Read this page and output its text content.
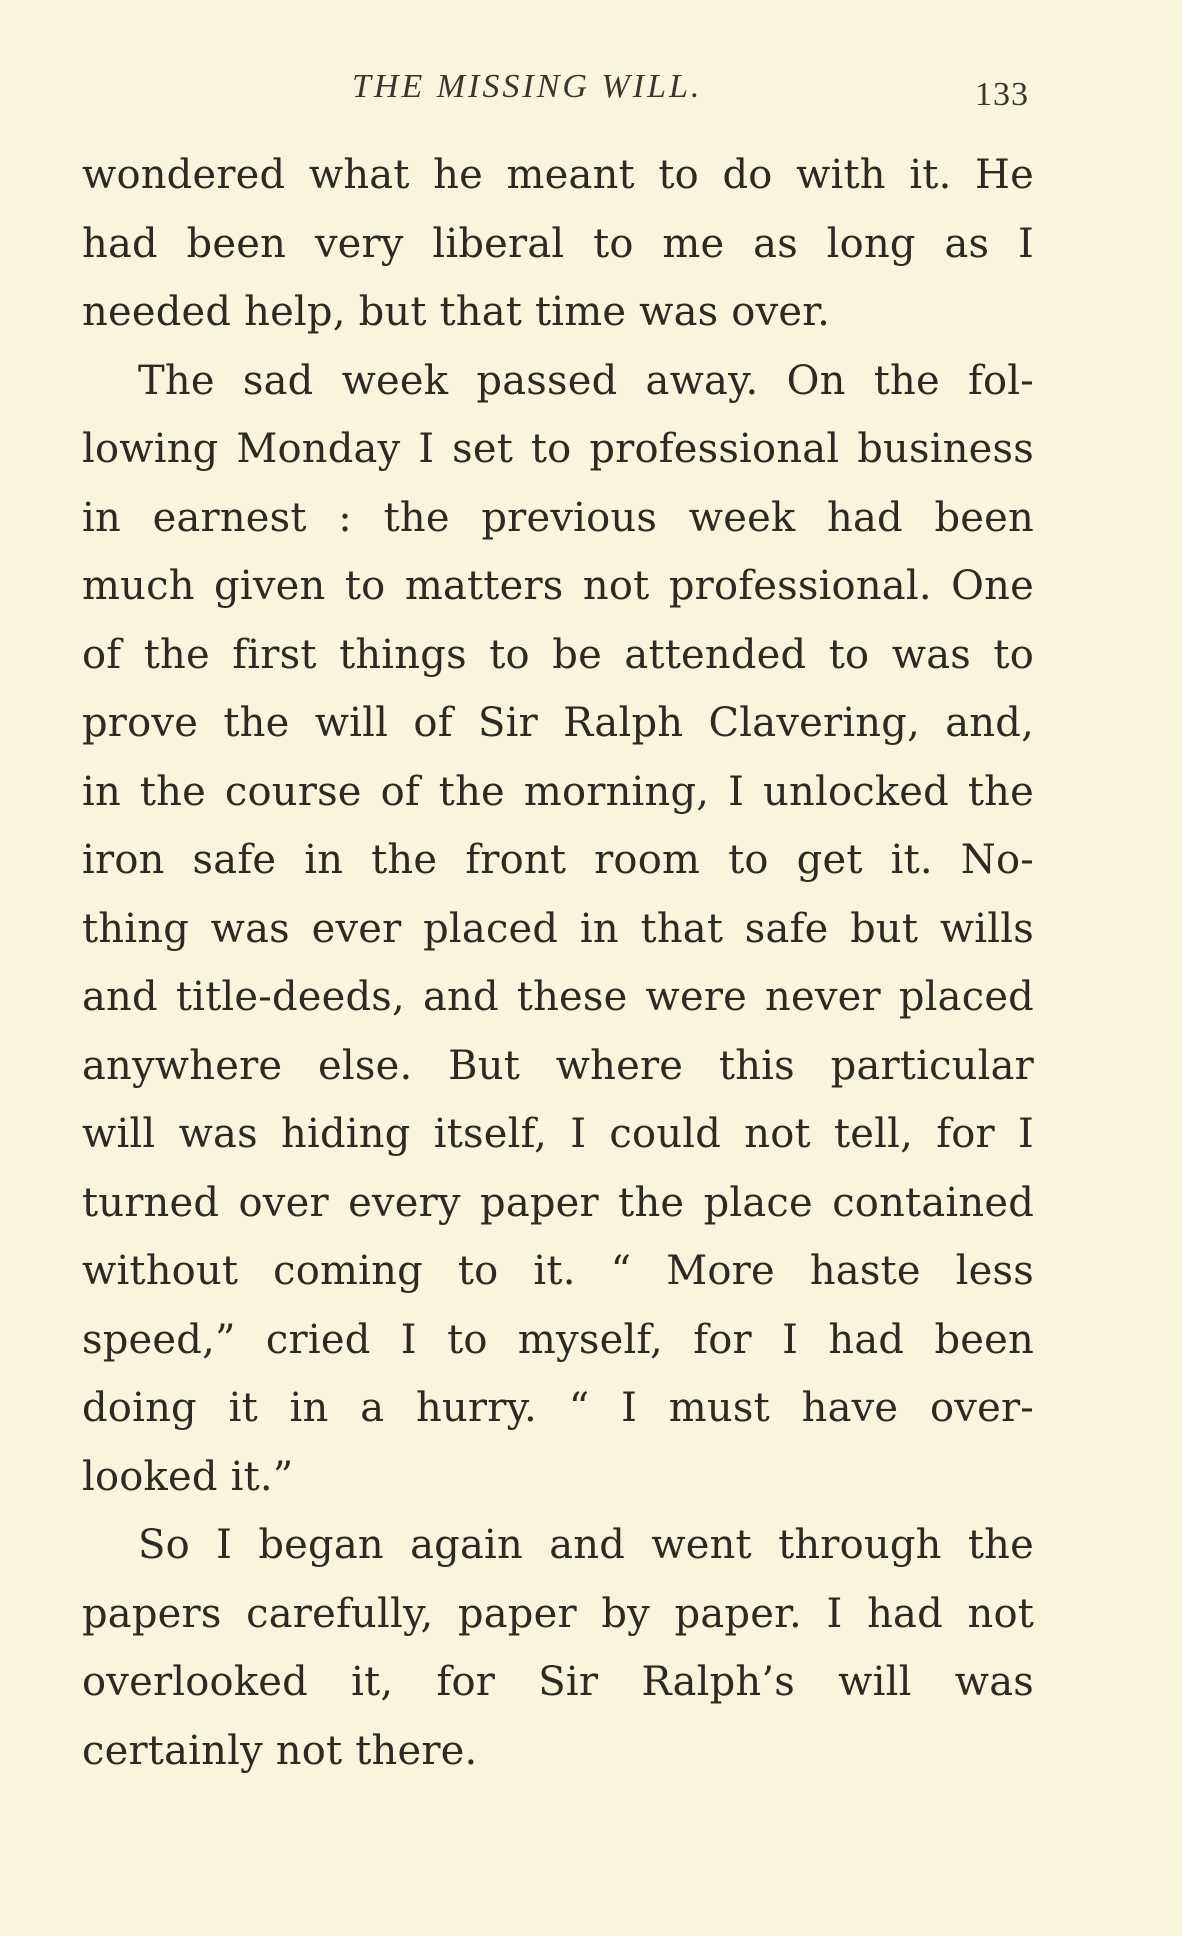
THE MISSING WILL.	133
wondered what he meant to do with it. He
had been very liberal to me as long as I
needed help, but that time was over.
The sad week passed away. On the fol-
lowing Monday I set to professional business
in earnest : the previous week had been
much given to matters not professional. One
of the first things to be attended to was to
prove the will of Sir Ralph Clavering, and,
in the course of the morning, I unlocked the
iron safe in the front room to get it. No-
thing was ever placed in that safe but wills
and title-deeds, and these were never placed
anywhere else. But where this particular
will was hiding itself, I could not tell, for I
turned over every paper the place contained
without coming to it. “ More haste less
speed,” cried I to myself, for I had been
doing it in a hurry. “ I must have over-
looked it.”
So I began again and went through the
papers carefully, paper by paper. I had not
overlooked it, for Sir Ralph’s will was
certainly not there.
